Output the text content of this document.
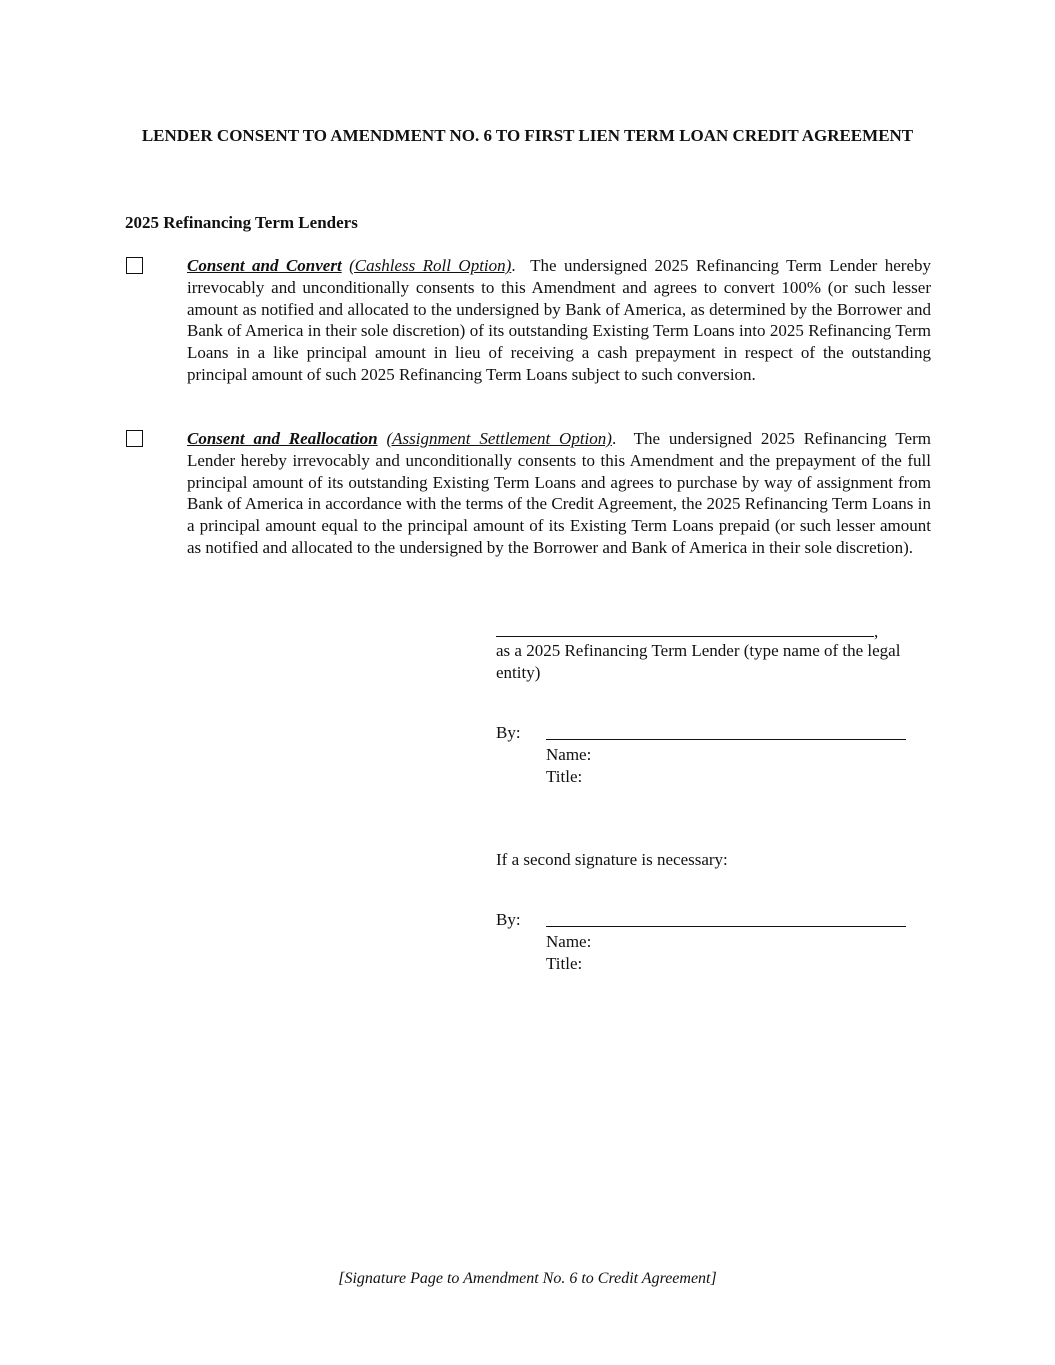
LENDER CONSENT TO AMENDMENT NO. 6 TO FIRST LIEN TERM LOAN CREDIT AGREEMENT
2025 Refinancing Term Lenders
Consent and Convert (Cashless Roll Option).  The undersigned 2025 Refinancing Term Lender hereby irrevocably and unconditionally consents to this Amendment and agrees to convert 100% (or such lesser amount as notified and allocated to the undersigned by Bank of America, as determined by the Borrower and Bank of America in their sole discretion) of its outstanding Existing Term Loans into 2025 Refinancing Term Loans in a like principal amount in lieu of receiving a cash prepayment in respect of the outstanding principal amount of such 2025 Refinancing Term Loans subject to such conversion.
Consent and Reallocation (Assignment Settlement Option).  The undersigned 2025 Refinancing Term Lender hereby irrevocably and unconditionally consents to this Amendment and the prepayment of the full principal amount of its outstanding Existing Term Loans and agrees to purchase by way of assignment from Bank of America in accordance with the terms of the Credit Agreement, the 2025 Refinancing Term Loans in a principal amount equal to the principal amount of its Existing Term Loans prepaid (or such lesser amount as notified and allocated to the undersigned by the Borrower and Bank of America in their sole discretion).
,
as a 2025 Refinancing Term Lender (type name of the legal entity)
By:
Name:
Title:
If a second signature is necessary:
By:
Name:
Title:
[Signature Page to Amendment No. 6 to Credit Agreement]
